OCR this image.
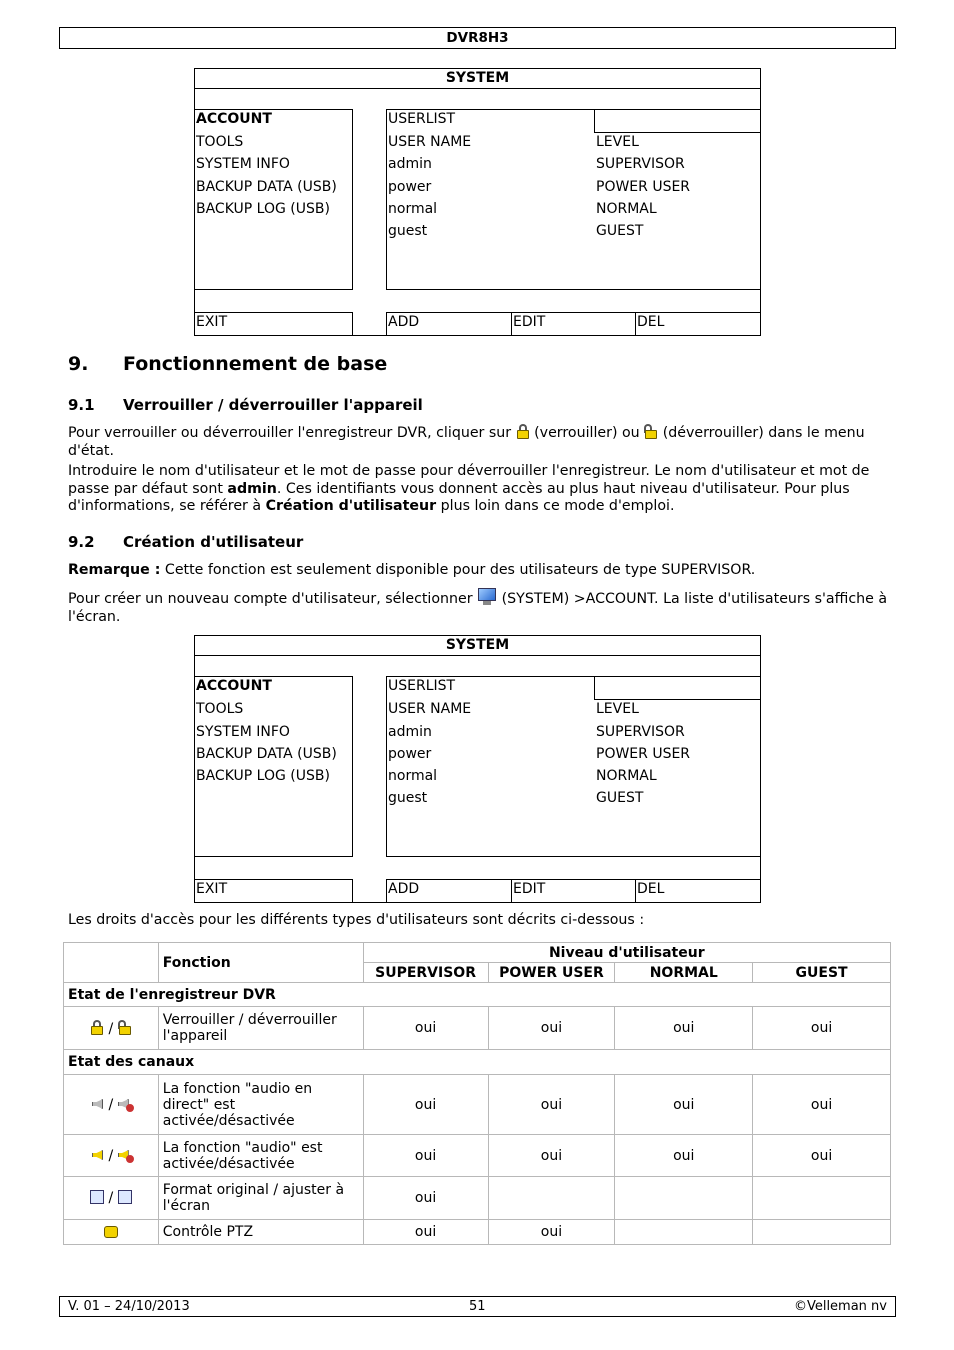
DVR8H3
SYSTEM
ACCOUNT
TOOLS
SYSTEM INFO
BACKUP DATA (USB)
BACKUP LOG (USB)
USERLIST
USER NAME	LEVEL
admin	SUPERVISOR
power	POWER USER
normal	NORMAL
guest	GUEST
EXIT	ADD	EDIT	DEL
9. Fonctionnement de base
9.1 Verrouiller / déverrouiller l'appareil
Pour verrouiller ou déverrouiller l'enregistreur DVR, cliquer sur
(verrouiller) ou
(déverrouiller) dans le menu d'état.
Introduire le nom d'utilisateur et le mot de passe pour déverrouiller l'enregistreur. Le nom d'utilisateur et mot de passe par défaut sont admin. Ces identifiants vous donnent accès au plus haut niveau d'utilisateur. Pour plus d'informations, se référer à Création d'utilisateur plus loin dans ce mode d'emploi.
9.2 Création d'utilisateur
Remarque : Cette fonction est seulement disponible pour des utilisateurs de type SUPERVISOR.
Pour créer un nouveau compte d'utilisateur, sélectionner
(SYSTEM) >ACCOUNT. La liste d'utilisateurs s'affiche à l'écran.
SYSTEM
ACCOUNT
TOOLS
SYSTEM INFO
BACKUP DATA (USB)
BACKUP LOG (USB)
USERLIST
USER NAME	LEVEL
admin	SUPERVISOR
power	POWER USER
normal	NORMAL
guest	GUEST
EXIT	ADD	EDIT	DEL
Les droits d'accès pour les différents types d'utilisateurs sont décrits ci-dessous :
	Fonction	Niveau d'utilisateur			
		SUPERVISOR	POWER USER	NORMAL	GUEST
Etat de l'enregistreur DVR					

/	Verrouiller / déverrouiller l'appareil	oui	oui	oui	oui
Etat des canaux					

/	La fonction "audio en direct" est activée/désactivée	oui	oui	oui	oui

/	La fonction "audio" est activée/désactivée	oui	oui	oui	oui
/	Format original / ajuster à l'écran	oui			
	Contrôle PTZ	oui	oui		
V. 01 – 24/10/2013	51	©Velleman nv
